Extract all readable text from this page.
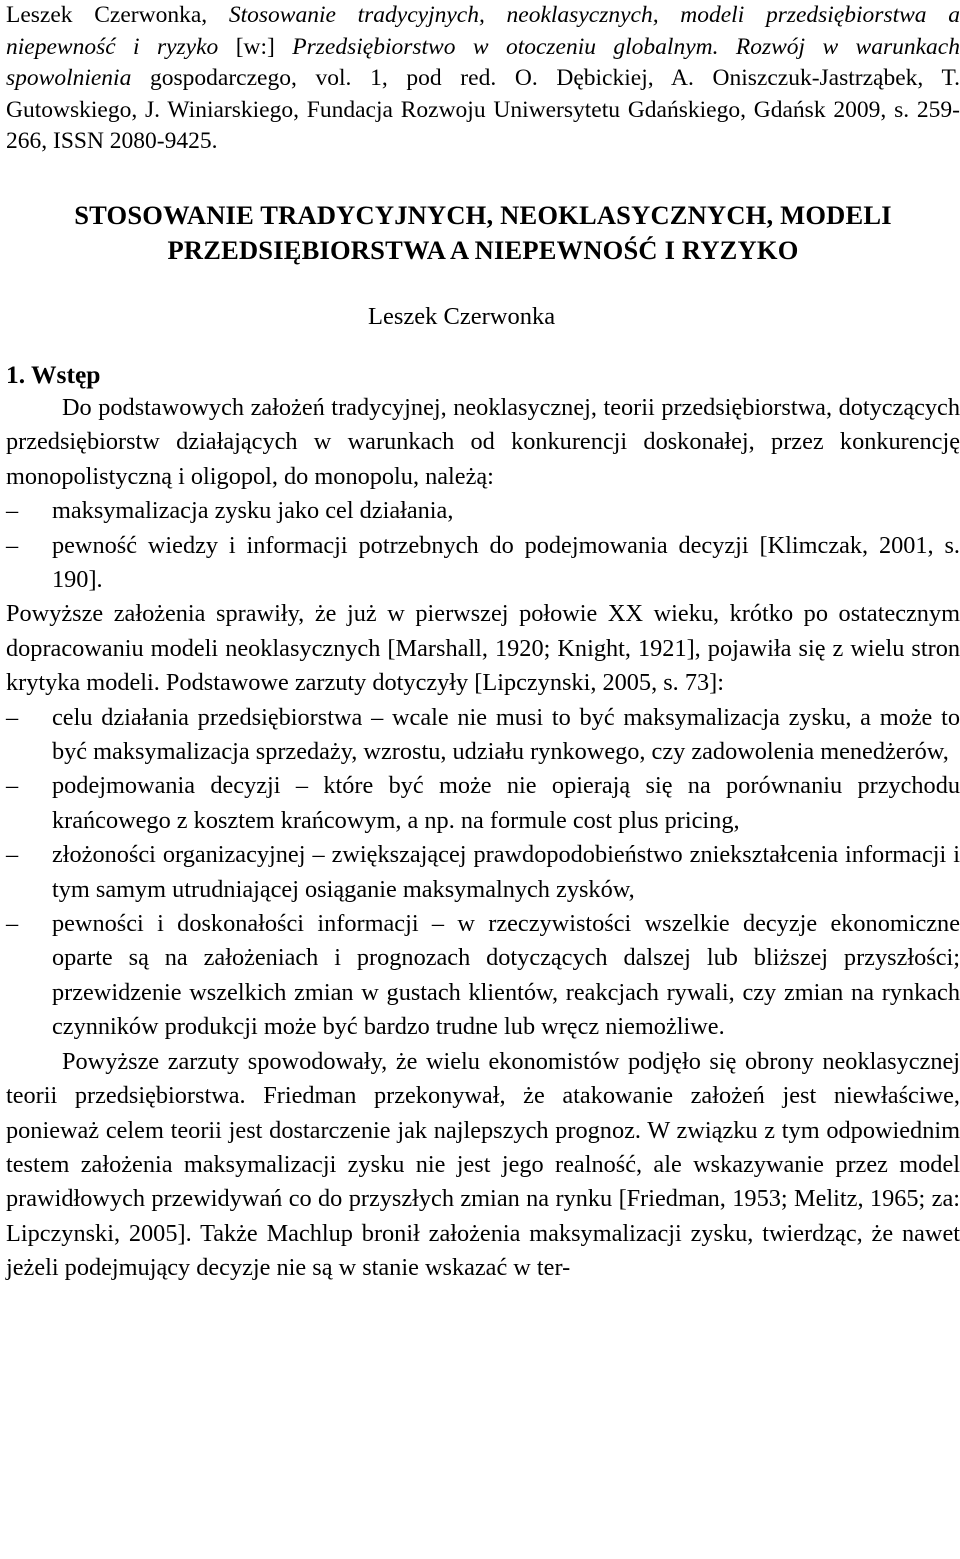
Leszek Czerwonka, Stosowanie tradycyjnych, neoklasycznych, modeli przedsiębiorstwa a niepewność i ryzyko [w:] Przedsiębiorstwo w otoczeniu globalnym. Rozwój w warunkach spowolnienia gospodarczego, vol. 1, pod red. O. Dębickiej, A. Oniszczuk-Jastrząbek, T. Gutowskiego, J. Winiarskiego, Fundacja Rozwoju Uniwersytetu Gdańskiego, Gdańsk 2009, s. 259-266, ISSN 2080-9425.

STOSOWANIE TRADYCYJNYCH, NEOKLASYCZNYCH, MODELI PRZEDSIĘBIORSTWA A NIEPEWNOŚĆ I RYZYKO
Leszek Czerwonka
1. Wstęp

Do podstawowych założeń tradycyjnej, neoklasycznej, teorii przedsiębiorstwa, dotyczących przedsiębiorstw działających w warunkach od konkurencji doskonałej, przez konkurencję monopolistyczną i oligopol, do monopolu, należą:

–	maksymalizacja zysku jako cel działania,
–	pewność wiedzy i informacji potrzebnych do podejmowania decyzji [Klimczak, 2001, s. 190].

Powyższe założenia sprawiły, że już w pierwszej połowie XX wieku, krótko po ostatecznym dopracowaniu modeli neoklasycznych [Marshall, 1920; Knight, 1921], pojawiła się z wielu stron krytyka modeli. Podstawowe zarzuty dotyczyły [Lipczynski, 2005, s. 73]:

–	celu działania przedsiębiorstwa – wcale nie musi to być maksymalizacja zysku, a może to być maksymalizacja sprzedaży, wzrostu, udziału rynkowego, czy zadowolenia menedżerów,
–	podejmowania decyzji – które być może nie opierają się na porównaniu przychodu krańcowego z kosztem krańcowym, a np. na formule cost plus pricing,
–	złożoności organizacyjnej – zwiększającej prawdopodobieństwo zniekształcenia informacji i tym samym utrudniającej osiąganie maksymalnych zysków,
–	pewności i doskonałości informacji – w rzeczywistości wszelkie decyzje ekonomiczne oparte są na założeniach i prognozach dotyczących dalszej lub bliższej przyszłości; przewidzenie wszelkich zmian w gustach klientów, reakcjach rywali, czy zmian na rynkach czynników produkcji może być bardzo trudne lub wręcz niemożliwe.

Powyższe zarzuty spowodowały, że wielu ekonomistów podjęło się obrony neoklasycznej teorii przedsiębiorstwa. Friedman przekonywał, że atakowanie założeń jest niewłaściwe, ponieważ celem teorii jest dostarczenie jak najlepszych prognoz. W związku z tym odpowiednim testem założenia maksymalizacji zysku nie jest jego realność, ale wskazywanie przez model prawidłowych przewidywań co do przyszłych zmian na rynku [Friedman, 1953; Melitz, 1965; za: Lipczynski, 2005]. Także Machlup bronił założenia maksymalizacji zysku, twierdząc, że nawet jeżeli podejmujący decyzje nie są w stanie wskazać w ter-
